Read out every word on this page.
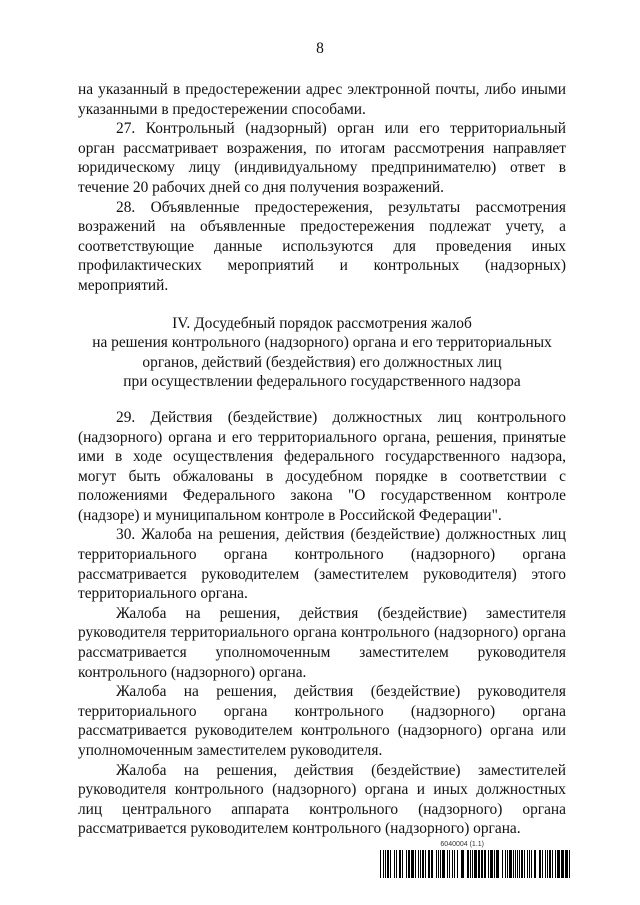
8

на указанный в предостережении адрес электронной почты, либо иными указанными в предостережении способами.

27. Контрольный (надзорный) орган или его территориальный орган рассматривает возражения, по итогам рассмотрения направляет юридическому лицу (индивидуальному предпринимателю) ответ в течение 20 рабочих дней со дня получения возражений.

28. Объявленные предостережения, результаты рассмотрения возражений на объявленные предостережения подлежат учету, а соответствующие данные используются для проведения иных профилактических мероприятий и контрольных (надзорных) мероприятий.

IV. Досудебный порядок рассмотрения жалоб
на решения контрольного (надзорного) органа и его территориальных
органов, действий (бездействия) его должностных лиц
при осуществлении федерального государственного надзора

29. Действия (бездействие) должностных лиц контрольного (надзорного) органа и его территориального органа, решения, принятые ими в ходе осуществления федерального государственного надзора, могут быть обжалованы в досудебном порядке в соответствии с положениями Федерального закона "О государственном контроле (надзоре) и муниципальном контроле в Российской Федерации".

30. Жалоба на решения, действия (бездействие) должностных лиц территориального органа контрольного (надзорного) органа рассматривается руководителем (заместителем руководителя) этого территориального органа.

Жалоба на решения, действия (бездействие) заместителя руководителя территориального органа контрольного (надзорного) органа рассматривается уполномоченным заместителем руководителя контрольного (надзорного) органа.

Жалоба на решения, действия (бездействие) руководителя территориального органа контрольного (надзорного) органа рассматривается руководителем контрольного (надзорного) органа или уполномоченным заместителем руководителя.

Жалоба на решения, действия (бездействие) заместителей руководителя контрольного (надзорного) органа и иных должностных лиц центрального аппарата контрольного (надзорного) органа рассматривается руководителем контрольного (надзорного) органа.

6040004 (1.1)
